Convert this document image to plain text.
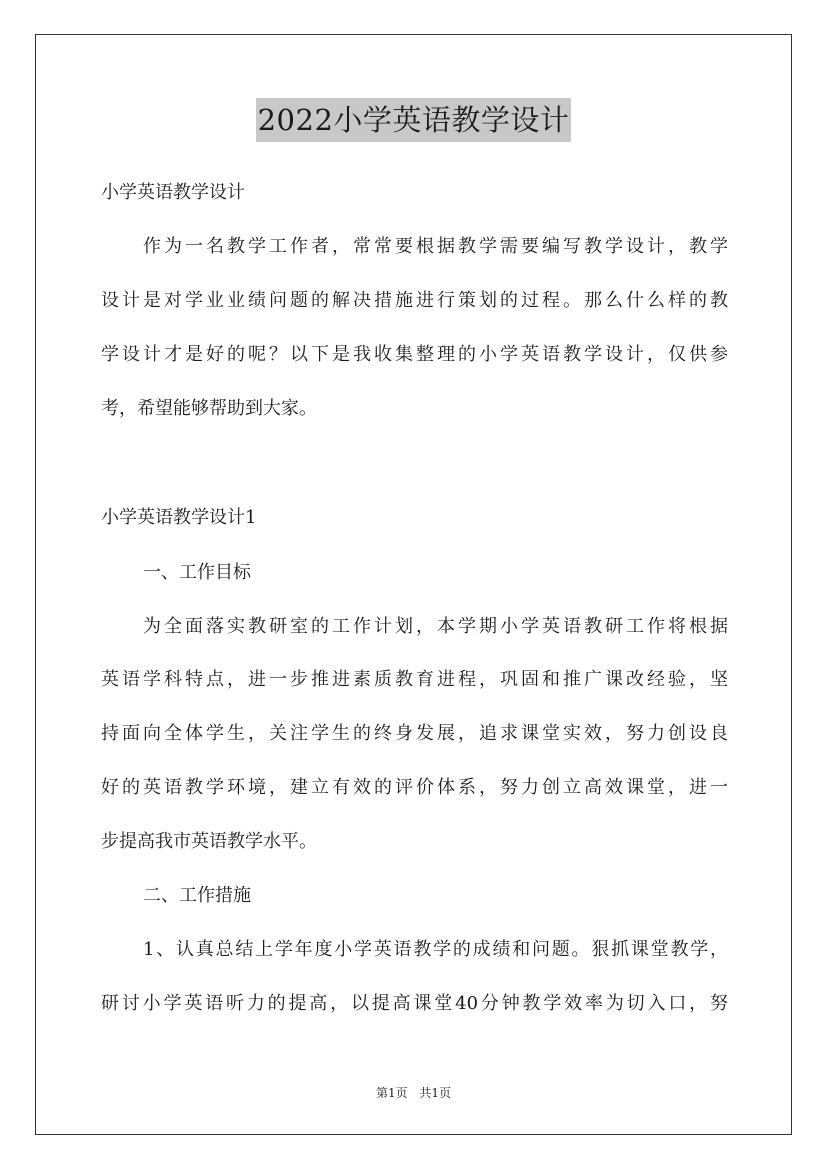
2022小学英语教学设计
小学英语教学设计
作为一名教学工作者，常常要根据教学需要编写教学设计，教学
设计是对学业业绩问题的解决措施进行策划的过程。那么什么样的教
学设计才是好的呢？以下是我收集整理的小学英语教学设计，仅供参
考，希望能够帮助到大家。
小学英语教学设计1
一、工作目标
为全面落实教研室的工作计划，本学期小学英语教研工作将根据
英语学科特点，进一步推进素质教育进程，巩固和推广课改经验，坚
持面向全体学生，关注学生的终身发展，追求课堂实效，努力创设良
好的英语教学环境，建立有效的评价体系，努力创立高效课堂，进一
步提高我市英语教学水平。
二、工作措施
1、认真总结上学年度小学英语教学的成绩和问题。狠抓课堂教学，
研讨小学英语听力的提高，以提高课堂40分钟教学效率为切入口，努
第1页 共1页
